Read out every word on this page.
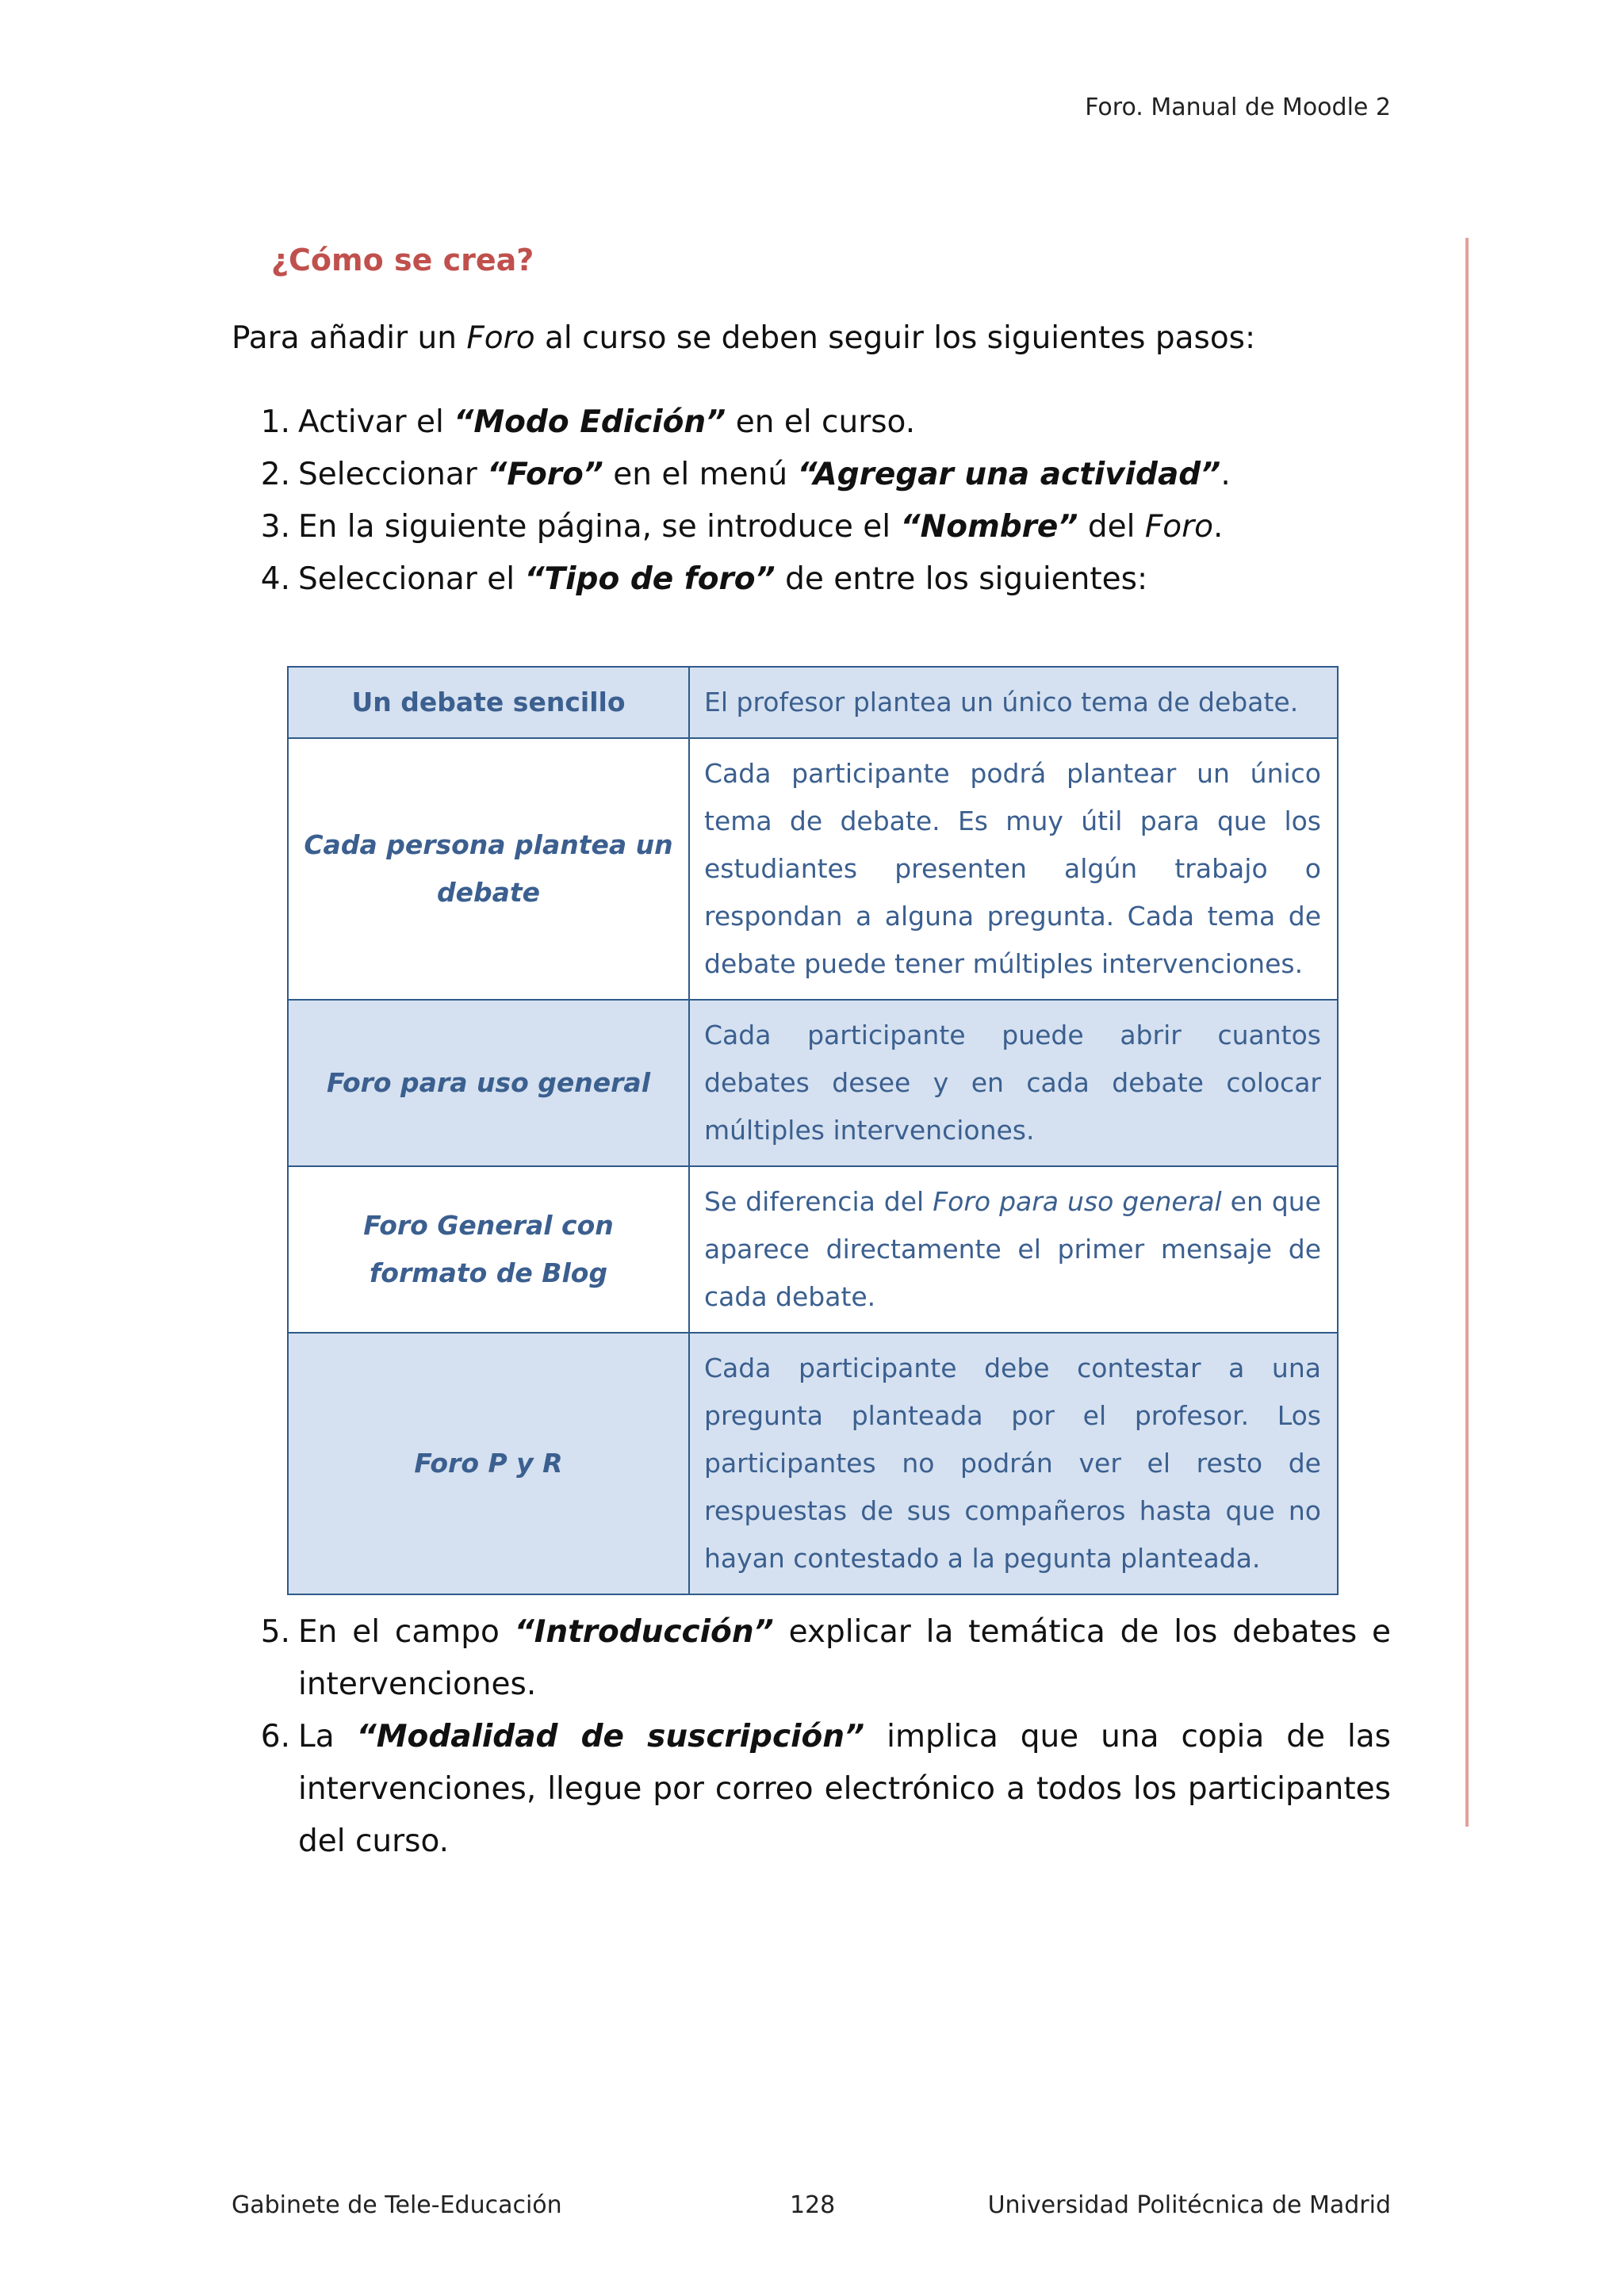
Foro. Manual de Moodle 2
¿Cómo se crea?
Para añadir un Foro al curso se deben seguir los siguientes pasos:
1. Activar el “Modo Edición” en el curso.
2. Seleccionar “Foro” en el menú “Agregar una actividad”.
3. En la siguiente página, se introduce el “Nombre” del Foro.
4. Seleccionar el “Tipo de foro” de entre los siguientes:
Un debate sencillo	El profesor plantea un único tema de debate.
Cada persona plantea un debate	Cada participante podrá plantear un único tema de debate. Es muy útil para que los estudiantes presenten algún trabajo o respondan a alguna pregunta. Cada tema de debate puede tener múltiples intervenciones.
Foro para uso general	Cada participante puede abrir cuantos debates desee y en cada debate colocar múltiples intervenciones.
Foro General con formato de Blog	Se diferencia del Foro para uso general en que aparece directamente el primer mensaje de cada debate.
Foro P y R	Cada participante debe contestar a una pregunta planteada por el profesor. Los participantes no podrán ver el resto de respuestas de sus compañeros hasta que no hayan contestado a la pegunta planteada.
5. En el campo “Introducción” explicar la temática de los debates e intervenciones.
6. La “Modalidad de suscripción” implica que una copia de las intervenciones, llegue por correo electrónico a todos los participantes del curso.
Gabinete de Tele-Educación	128	Universidad Politécnica de Madrid
